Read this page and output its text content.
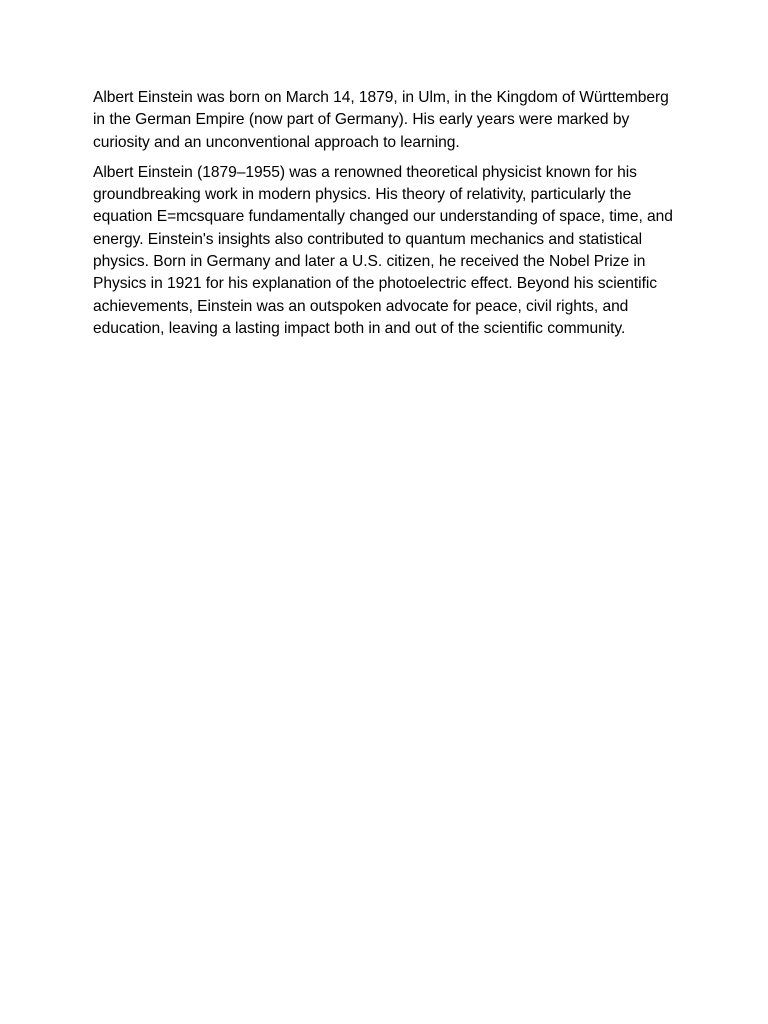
Albert Einstein was born on March 14, 1879, in Ulm, in the Kingdom of Württemberg in the German Empire (now part of Germany). His early years were marked by curiosity and an unconventional approach to learning.

Albert Einstein (1879–1955) was a renowned theoretical physicist known for his groundbreaking work in modern physics. His theory of relativity, particularly the equation E=mcsquare fundamentally changed our understanding of space, time, and energy. Einstein's insights also contributed to quantum mechanics and statistical physics. Born in Germany and later a U.S. citizen, he received the Nobel Prize in Physics in 1921 for his explanation of the photoelectric effect. Beyond his scientific achievements, Einstein was an outspoken advocate for peace, civil rights, and education, leaving a lasting impact both in and out of the scientific community.
